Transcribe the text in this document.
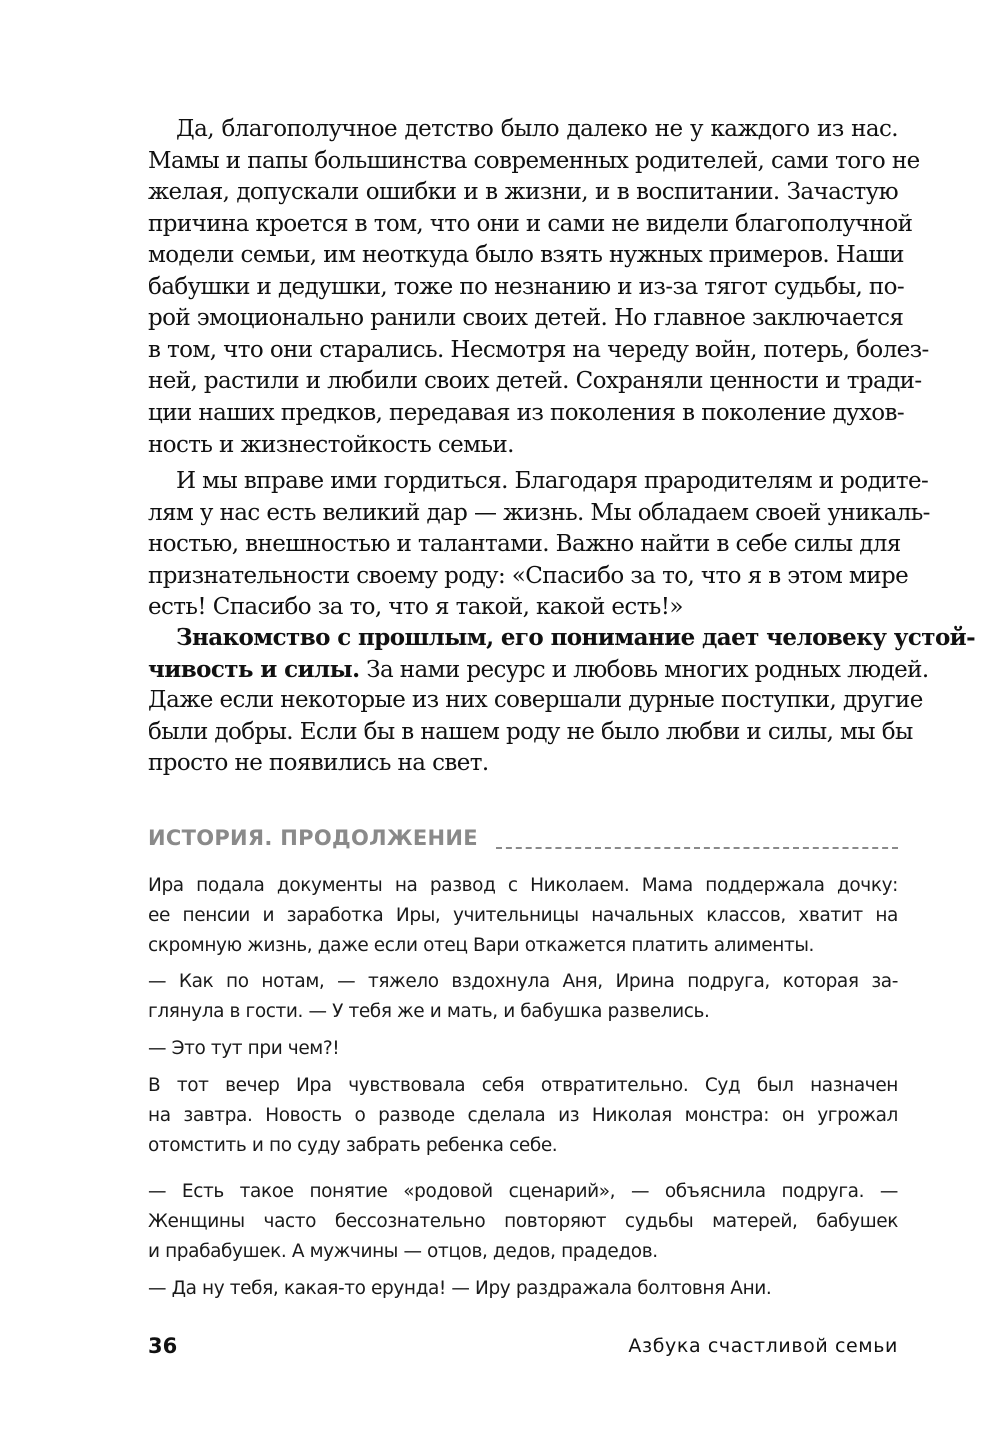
Да, благополучное детство было далеко не у каждого из нас.
Мамы и папы большинства современных родителей, сами того не
желая, допускали ошибки и в жизни, и в воспитании. Зачастую
причина кроется в том, что они и сами не видели благополучной
модели семьи, им неоткуда было взять нужных примеров. Наши
бабушки и дедушки, тоже по незнанию и из-за тягот судьбы, по-
рой эмоционально ранили своих детей. Но главное заключается
в том, что они старались. Несмотря на череду войн, потерь, болез-
ней, растили и любили своих детей. Сохраняли ценности и тради-
ции наших предков, передавая из поколения в поколение духов-
ность и жизнестойкость семьи.
И мы вправе ими гордиться. Благодаря прародителям и родите-
лям у нас есть великий дар — жизнь. Мы обладаем своей уникаль-
ностью, внешностью и талантами. Важно найти в себе силы для
признательности своему роду: «Спасибо за то, что я в этом мире
есть! Спасибо за то, что я такой, какой есть!»
Знакомство с прошлым, его понимание дает человеку устой-
чивость и силы. За нами ресурс и любовь многих родных людей.
Даже если некоторые из них совершали дурные поступки, другие
были добры. Если бы в нашем роду не было любви и силы, мы бы
просто не появились на свет.
ИСТОРИЯ. ПРОДОЛЖЕНИЕ
Ира подала документы на развод с Николаем. Мама поддержала дочку:
ее пенсии и заработка Иры, учительницы начальных классов, хватит на
скромную жизнь, даже если отец Вари откажется платить алименты.
— Как по нотам, — тяжело вздохнула Аня, Ирина подруга, которая за-
глянула в гости. — У тебя же и мать, и бабушка развелись.
— Это тут при чем?!
В тот вечер Ира чувствовала себя отвратительно. Суд был назначен
на завтра. Новость о разводе сделала из Николая монстра: он угрожал
отомстить и по суду забрать ребенка себе.
— Есть такое понятие «родовой сценарий», — объяснила подруга. —
Женщины часто бессознательно повторяют судьбы матерей, бабушек
и прабабушек. А мужчины — отцов, дедов, прадедов.
— Да ну тебя, какая-то ерунда! — Иру раздражала болтовня Ани.
36	Азбука счастливой семьи
